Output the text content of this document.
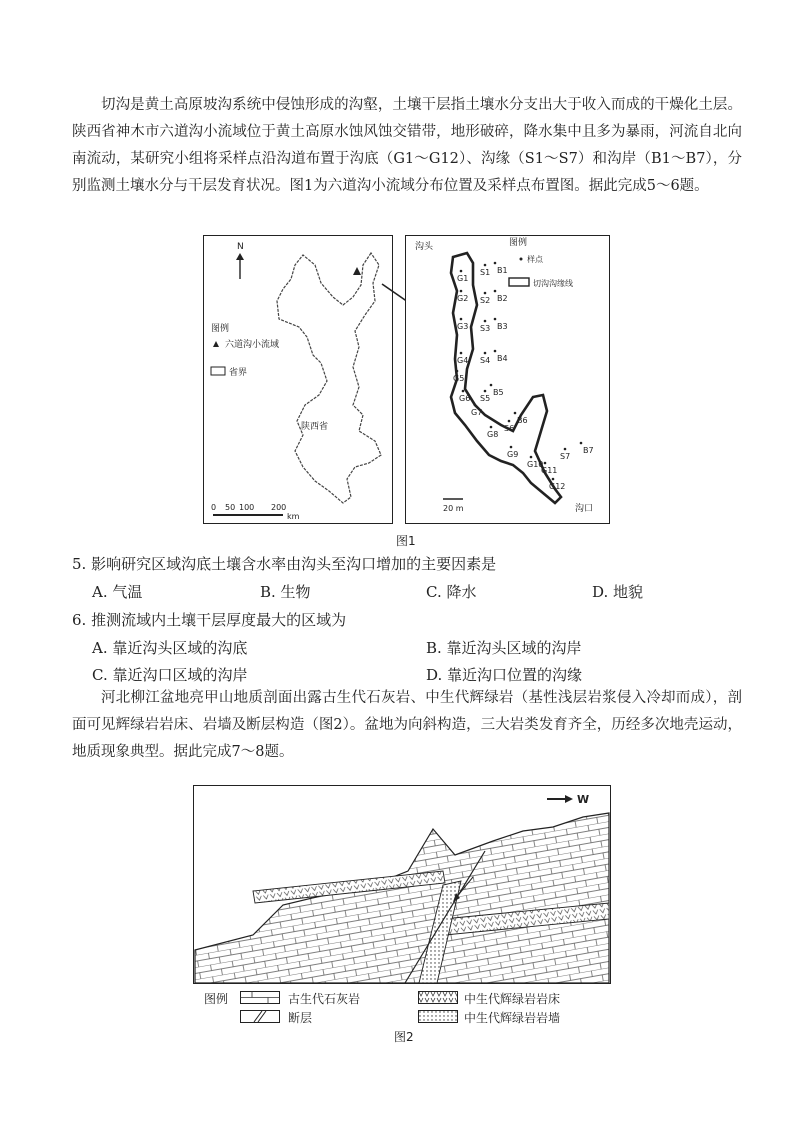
切沟是黄土高原坡沟系统中侵蚀形成的沟壑，土壤干层指土壤水分支出大于收入而成的干燥化土层。陕西省神木市六道沟小流域位于黄土高原水蚀风蚀交错带，地形破碎，降水集中且多为暴雨，河流自北向南流动，某研究小组将采样点沿沟道布置于沟底（G1～G12）、沟缘（S1～S7）和沟岸（B1～B7），分别监测土壤水分与干层发育状况。图1为六道沟小流域分布位置及采样点布置图。据此完成5～6题。

N
图例
六道沟小流域
省界
陕西省
0 50 100 200
km
沟头	图例
样点
切沟沟缘线
G1
G2
G3
G4
G5
G6
G7
G8
G9
G10
G11
G12
S1
S2
S3
S4
S5
S6
S7
B1
B2
B3
B4
B5
B6
B7
沟口
20 m
图1
5. 影响研究区域沟底土壤含水率由沟头至沟口增加的主要因素是
A. 气温	B. 生物	C. 降水	D. 地貌
6. 推测流域内土壤干层厚度最大的区域为
A. 靠近沟头区域的沟底	B. 靠近沟头区域的沟岸
C. 靠近沟口区域的沟岸	D. 靠近沟口位置的沟缘

河北柳江盆地亮甲山地质剖面出露古生代石灰岩、中生代辉绿岩（基性浅层岩浆侵入冷却而成），剖面可见辉绿岩岩床、岩墙及断层构造（图2）。盆地为向斜构造，三大岩类发育齐全，历经多次地壳运动，地质现象典型。据此完成7～8题。

W
图例	古生代石灰岩
断层
中生代辉绿岩岩床
中生代辉绿岩岩墙
图2
